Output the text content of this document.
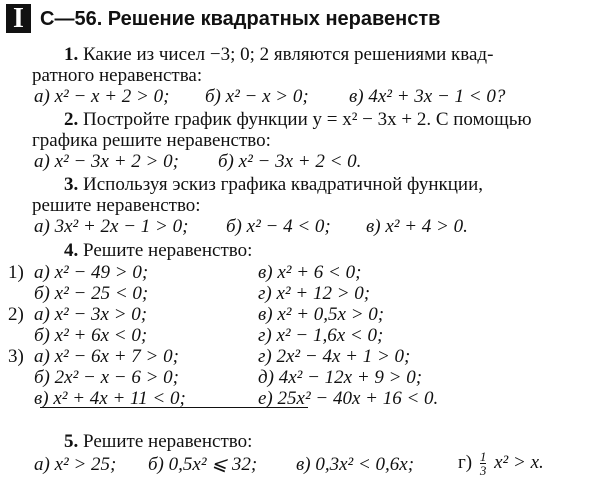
I С—56. Решение квадратных неравенств
1. Какие из чисел −3; 0; 2 являются решениями квад-
ратного неравенства:
а) x² − x + 2 > 0; б) x² − x > 0; в) 4x² + 3x − 1 < 0?
2. Постройте график функции y = x² − 3x + 2. С помощью
графика решите неравенство:
а) x² − 3x + 2 > 0; б) x² − 3x + 2 < 0.
3. Используя эскиз графика квадратичной функции,
решите неравенство:
а) 3x² + 2x − 1 > 0; б) x² − 4 < 0; в) x² + 4 > 0.
4. Решите неравенство:
1) а) x² − 49 > 0;	в) x² + 6 < 0;
б) x² − 25 < 0;	г) x² + 12 > 0;
2) а) x² − 3x > 0;	в) x² + 0,5x > 0;
б) x² + 6x < 0;	г) x² − 1,6x < 0;
3) а) x² − 6x + 7 > 0;	г) 2x² − 4x + 1 > 0;
б) 2x² − x − 6 > 0;	д) 4x² − 12x + 9 > 0;
в) x² + 4x + 11 < 0;	е) 25x² − 40x + 16 < 0.
5. Решите неравенство:
а) x² > 25; б) 0,5x² ⩽ 32; в) 0,3x² < 0,6x; $г) \frac{1}{3} x^2 > x$.
